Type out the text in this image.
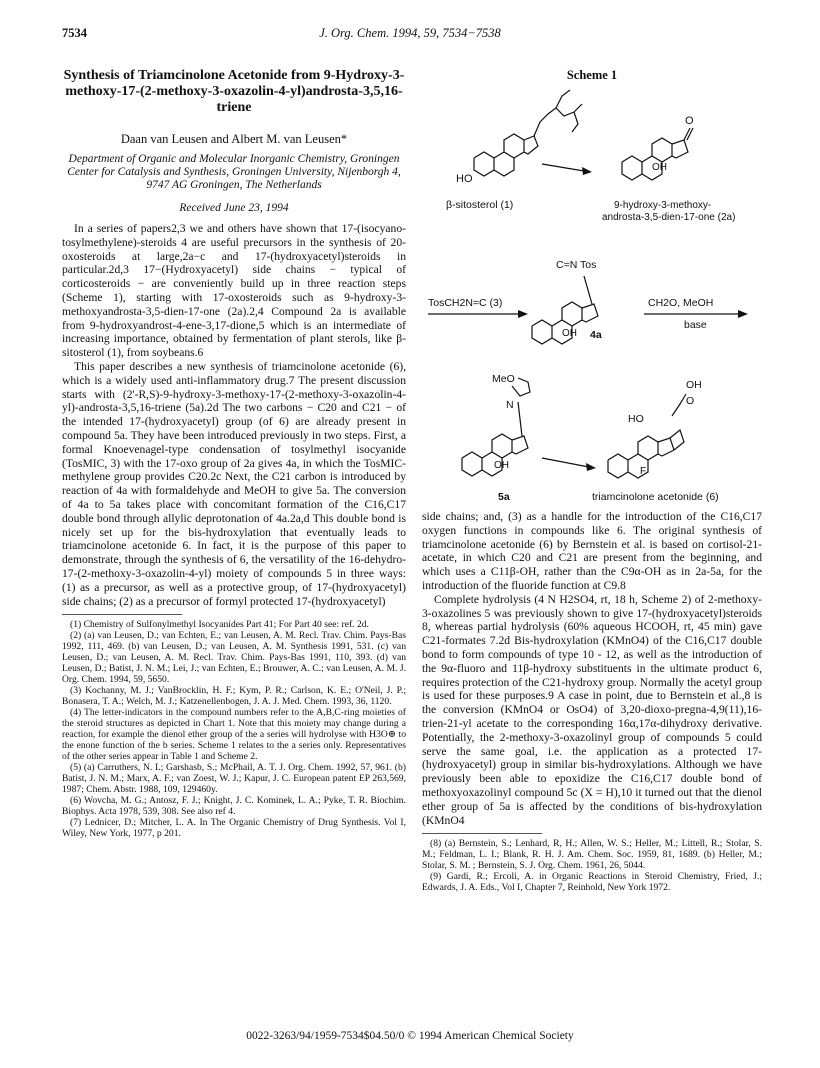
7534	J. Org. Chem. 1994, 59, 7534−7538

Synthesis of Triamcinolone Acetonide from 9-Hydroxy-3-methoxy-17-(2-methoxy-3-oxazolin-4-yl)androsta-3,5,16-triene

Daan van Leusen and Albert M. van Leusen*
Department of Organic and Molecular Inorganic Chemistry, Groningen Center for Catalysis and Synthesis, Groningen University, Nijenborgh 4, 9747 AG Groningen, The Netherlands
Received June 23, 1994

In a series of papers2,3 we and others have shown that 17-(isocyano-tosylmethylene)-steroids 4 are useful precursors in the synthesis of 20-oxosteroids at large,2a−c and 17-(hydroxyacetyl)steroids in particular.2d,3 17−(Hydroxyacetyl) side chains − typical of corticosteroids − are conveniently build up in three reaction steps (Scheme 1), starting with 17-oxosteroids such as 9-hydroxy-3-methoxyandrosta-3,5-dien-17-one (2a).2,4 Compound 2a is available from 9-hydroxyandrost-4-ene-3,17-dione,5 which is an intermediate of increasing importance, obtained by fermentation of plant sterols, like β-sitosterol (1), from soybeans.6

This paper describes a new synthesis of triamcinolone acetonide (6), which is a widely used anti-inflammatory drug.7 The present discussion starts with (2'-R,S)-9-hydroxy-3-methoxy-17-(2-methoxy-3-oxazolin-4-yl)-androsta-3,5,16-triene (5a).2d The two carbons − C20 and C21 − of the intended 17-(hydroxyacetyl) group (of 6) are already present in compound 5a. They have been introduced previously in two steps. First, a formal Knoevenagel-type condensation of tosylmethyl isocyanide (TosMIC, 3) with the 17-oxo group of 2a gives 4a, in which the TosMIC-methylene group provides C20.2c Next, the C21 carbon is introduced by reaction of 4a with formaldehyde and MeOH to give 5a. The conversion of 4a to 5a takes place with concomitant formation of the C16,C17 double bond through allylic deprotonation of 4a.2a,d This double bond is nicely set up for the bis-hydroxylation that eventually leads to triamcinolone acetonide 6. In fact, it is the purpose of this paper to demonstrate, through the synthesis of 6, the versatility of the 16-dehydro-17-(2-methoxy-3-oxazolin-4-yl) moiety of compounds 5 in three ways: (1) as a precursor, as well as a protective group, of 17-(hydroxyacetyl) side chains; (2) as a precursor of formyl protected 17-(hydroxyacetyl)

(1) Chemistry of Sulfonylmethyl Isocyanides Part 41; For Part 40 see: ref. 2d.

(2) (a) van Leusen, D.; van Echten, E.; van Leusen, A. M. Recl. Trav. Chim. Pays-Bas 1992, 111, 469. (b) van Leusen, D.; van Leusen, A. M. Synthesis 1991, 531. (c) van Leusen, D.; van Leusen, A. M. Recl. Trav. Chim. Pays-Bas 1991, 110, 393. (d) van Leusen, D.; Batist, J. N. M.; Lei, J.; van Echten, E.; Brouwer, A. C.; van Leusen, A. M. J. Org. Chem. 1994, 59, 5650.

(3) Kochanny, M. J.; VanBrocklin, H. F.; Kym, P. R.; Carlson, K. E.; O'Neil, J. P.; Bonasera, T. A.; Welch, M. J.; Katzenellenbogen, J. A. J. Med. Chem. 1993, 36, 1120.

(4) The letter-indicators in the compound numbers refer to the A,B,C-ring moieties of the steroid structures as depicted in Chart 1. Note that this moiety may change during a reaction, for example the dienol ether group of the a series will hydrolyse with H3O⊕ to the enone function of the b series. Scheme 1 relates to the a series only. Representatives of the other series appear in Table 1 and Scheme 2.

(5) (a) Carruthers, N. I.; Garshasb, S.; McPhail, A. T. J. Org. Chem. 1992, 57, 961. (b) Batist, J. N. M.; Marx, A. F.; van Zoest, W. J.; Kapur, J. C. European patent EP 263,569, 1987; Chem. Abstr. 1988, 109, 129460y.

(6) Wovcha, M. G.; Antosz, F. J.; Knight, J. C. Kominek, L. A.; Pyke, T. R. Biochim. Biophys. Acta 1978, 539, 308. See also ref 4.

(7) Lednicer, D.; Mitcher, L. A. In The Organic Chemistry of Drug Synthesis. Vol I, Wiley, New York, 1977, p 201.

Scheme 1
HO
O
OH
β-sitosterol (1)	9-hydroxy-3-methoxy-
androsta-3,5-dien-17-one (2a)
C=N Tos
TosCH2N=C (3)
OH 4a
CH2O, MeOH
base
MeO
N
OH
5a
OH
O
HO
F
triamcinolone acetonide (6)

side chains; and, (3) as a handle for the introduction of the C16,C17 oxygen functions in compounds like 6. The original synthesis of triamcinolone acetonide (6) by Bernstein et al. is based on cortisol-21-acetate, in which C20 and C21 are present from the beginning, and which uses a C11β-OH, rather than the C9α-OH as in 2a-5a, for the introduction of the fluoride function at C9.8

Complete hydrolysis (4 N H2SO4, rt, 18 h, Scheme 2) of 2-methoxy-3-oxazolines 5 was previously shown to give 17-(hydroxyacetyl)steroids 8, whereas partial hydrolysis (60% aqueous HCOOH, rt, 45 min) gave C21-formates 7.2d Bis-hydroxylation (KMnO4) of the C16,C17 double bond to form compounds of type 10 - 12, as well as the introduction of the 9α-fluoro and 11β-hydroxy substituents in the ultimate product 6, requires protection of the C21-hydroxy group. Normally the acetyl group is used for these purposes.9 A case in point, due to Bernstein et al.,8 is the conversion (KMnO4 or OsO4) of 3,20-dioxo-pregna-4,9(11),16-trien-21-yl acetate to the corresponding 16α,17α-dihydroxy derivative. Potentially, the 2-methoxy-3-oxazolinyl group of compounds 5 could serve the same goal, i.e. the application as a protected 17-(hydroxyacetyl) group in similar bis-hydroxylations. Although we have previously been able to epoxidize the C16,C17 double bond of methoxyoxazolinyl compound 5c (X = H),10 it turned out that the dienol ether group of 5a is affected by the conditions of bis-hydroxylation (KMnO4

(8) (a) Bernstein, S.; Lenhard, R, H.; Allen, W. S.; Heller, M.; Littell, R.; Stolar, S. M.; Feldman, L. I.; Blank, R. H. J. Am. Chem. Soc. 1959, 81, 1689. (b) Heller, M.; Stolar, S. M. ; Bernstein, S. J. Org. Chem. 1961, 26, 5044.

(9) Gardi, R.; Ercoli, A. in Organic Reactions in Steroid Chemistry, Fried, J.; Edwards, J. A. Eds., Vol I, Chapter 7, Reinhold, New York 1972.

0022-3263/94/1959-7534$04.50/0 © 1994 American Chemical Society
